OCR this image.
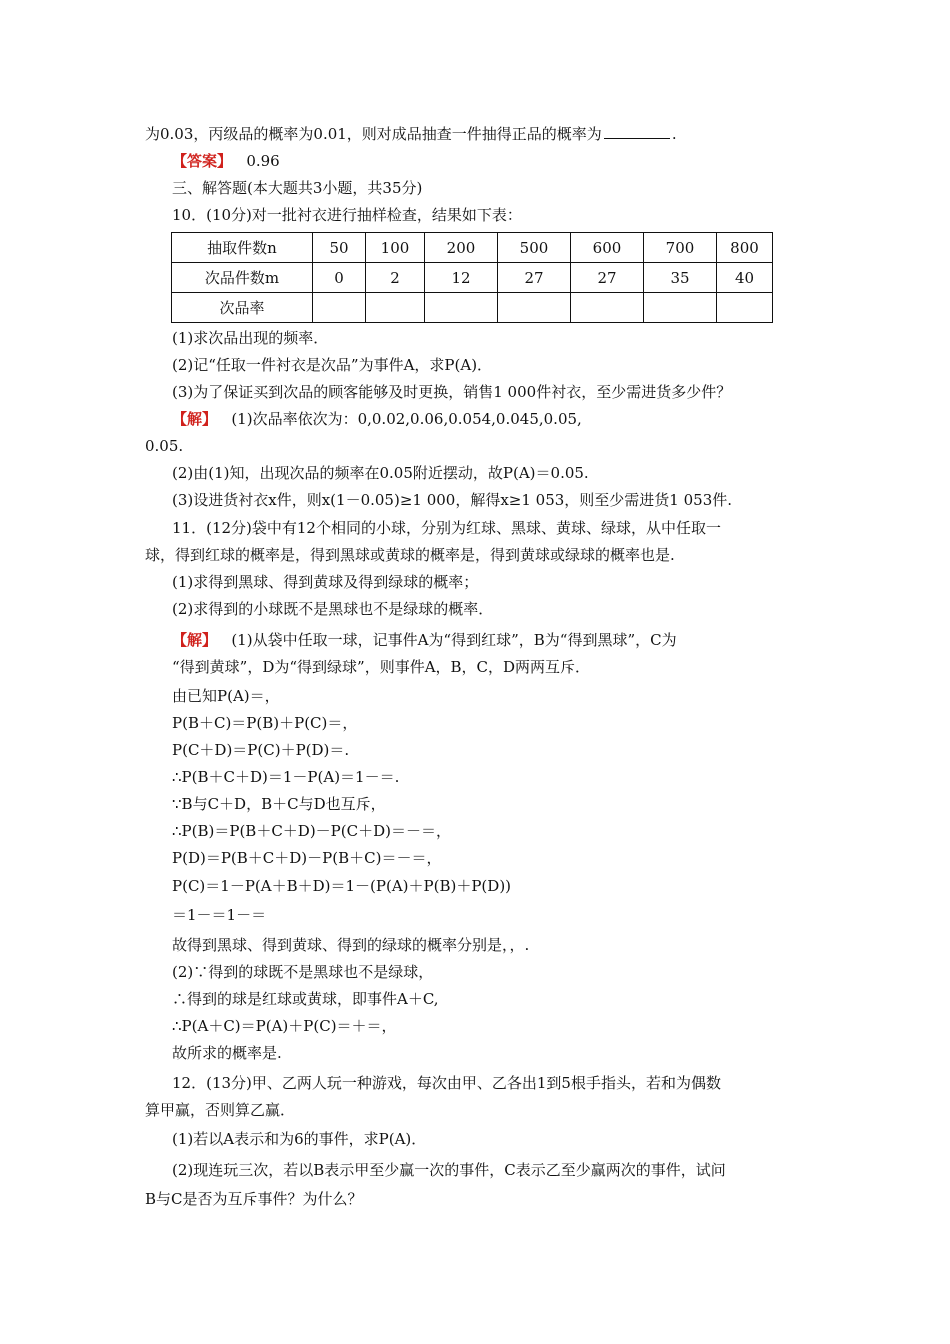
为0.03，丙级品的概率为0.01，则对成品抽查一件抽得正品的概率为	.
【答案】 0.96
三、解答题(本大题共3小题，共35分)
10．(10分)对一批衬衣进行抽样检查，结果如下表：
抽取件数n	50	100	200	500	600	700	800
次品件数m	0	2	12	27	27	35	40
次品率							
(1)求次品出现的频率．
(2)记“任取一件衬衣是次品”为事件A，求P(A)．
(3)为了保证买到次品的顾客能够及时更换，销售1 000件衬衣，至少需进货多少件？
【解】 (1)次品率依次为：0,0.02,0.06,0.054,0.045,0.05,
0.05.
(2)由(1)知，出现次品的频率在0.05附近摆动，故P(A)＝0.05.
(3)设进货衬衣x件，则x(1－0.05)≥1 000，解得x≥1 053，则至少需进货1 053件.
11．(12分)袋中有12个相同的小球，分别为红球、黑球、黄球、绿球，从中任取一
球，得到红球的概率是，得到黑球或黄球的概率是，得到黄球或绿球的概率也是.
(1)求得到黑球、得到黄球及得到绿球的概率；
(2)求得到的小球既不是黑球也不是绿球的概率．
【解】 (1)从袋中任取一球，记事件A为“得到红球”，B为“得到黑球”，C为
“得到黄球”，D为“得到绿球”，则事件A，B，C，D两两互斥．
由已知P(A)＝，
P(B＋C)＝P(B)＋P(C)＝，
P(C＋D)＝P(C)＋P(D)＝.
∴P(B＋C＋D)＝1－P(A)＝1－＝.
∵B与C＋D，B＋C与D也互斥，
∴P(B)＝P(B＋C＋D)－P(C＋D)＝－＝，
P(D)＝P(B＋C＋D)－P(B＋C)＝－＝，
P(C)＝1－P(A＋B＋D)＝1－(P(A)＋P(B)＋P(D))
＝1－＝1－＝
故得到黑球、得到黄球、得到的绿球的概率分别是，，.
(2)∵得到的球既不是黑球也不是绿球，
∴得到的球是红球或黄球，即事件A＋C,
∴P(A＋C)＝P(A)＋P(C)＝＋＝，
故所求的概率是.
12．(13分)甲、乙两人玩一种游戏，每次由甲、乙各出1到5根手指头，若和为偶数
算甲赢，否则算乙赢．
(1)若以A表示和为6的事件，求P(A)．
(2)现连玩三次，若以B表示甲至少赢一次的事件，C表示乙至少赢两次的事件，试问
B与C是否为互斥事件？为什么？
